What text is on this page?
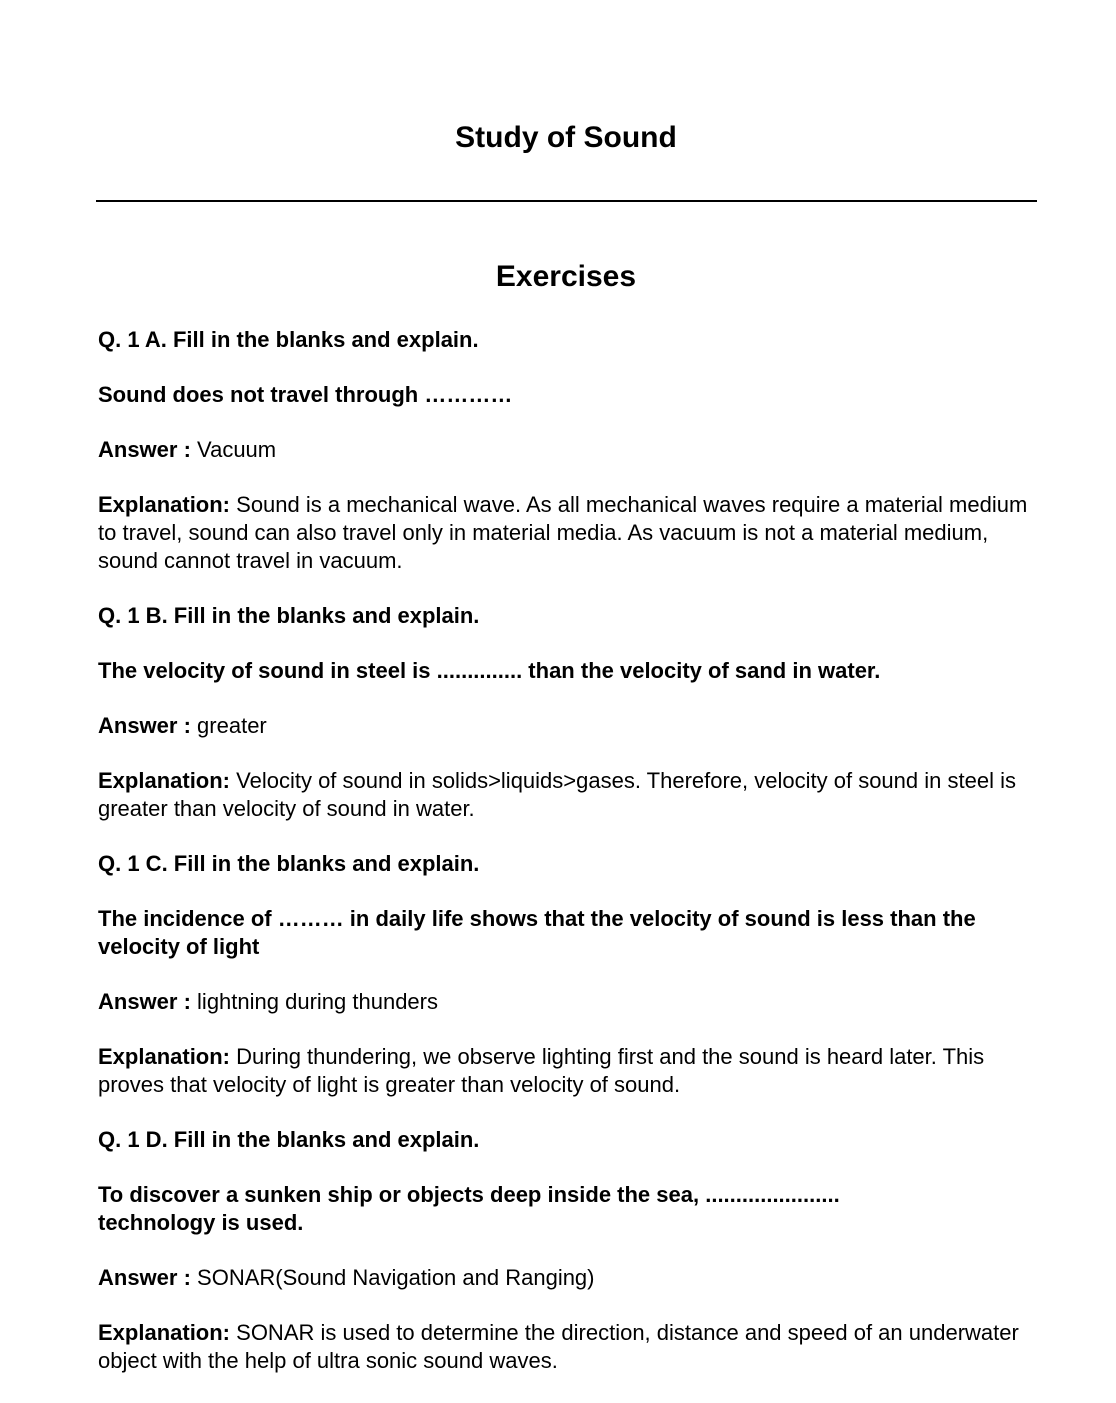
Study of Sound
Exercises

Q. 1 A. Fill in the blanks and explain.

Sound does not travel through …………

Answer : Vacuum

Explanation: Sound is a mechanical wave. As all mechanical waves require a material medium to travel, sound can also travel only in material media. As vacuum is not a material medium, sound cannot travel in vacuum.

Q. 1 B. Fill in the blanks and explain.

The velocity of sound in steel is .............. than the velocity of sand in water.

Answer : greater

Explanation: Velocity of sound in solids>liquids>gases. Therefore, velocity of sound in steel is greater than velocity of sound in water.

Q. 1 C. Fill in the blanks and explain.

The incidence of ……… in daily life shows that the velocity of sound is less than the velocity of light

Answer : lightning during thunders

Explanation: During thundering, we observe lighting first and the sound is heard later. This proves that velocity of light is greater than velocity of sound.

Q. 1 D. Fill in the blanks and explain.

To discover a sunken ship or objects deep inside the sea, ...................... technology is used.

Answer : SONAR(Sound Navigation and Ranging)

Explanation: SONAR is used to determine the direction, distance and speed of an underwater object with the help of ultra sonic sound waves.
